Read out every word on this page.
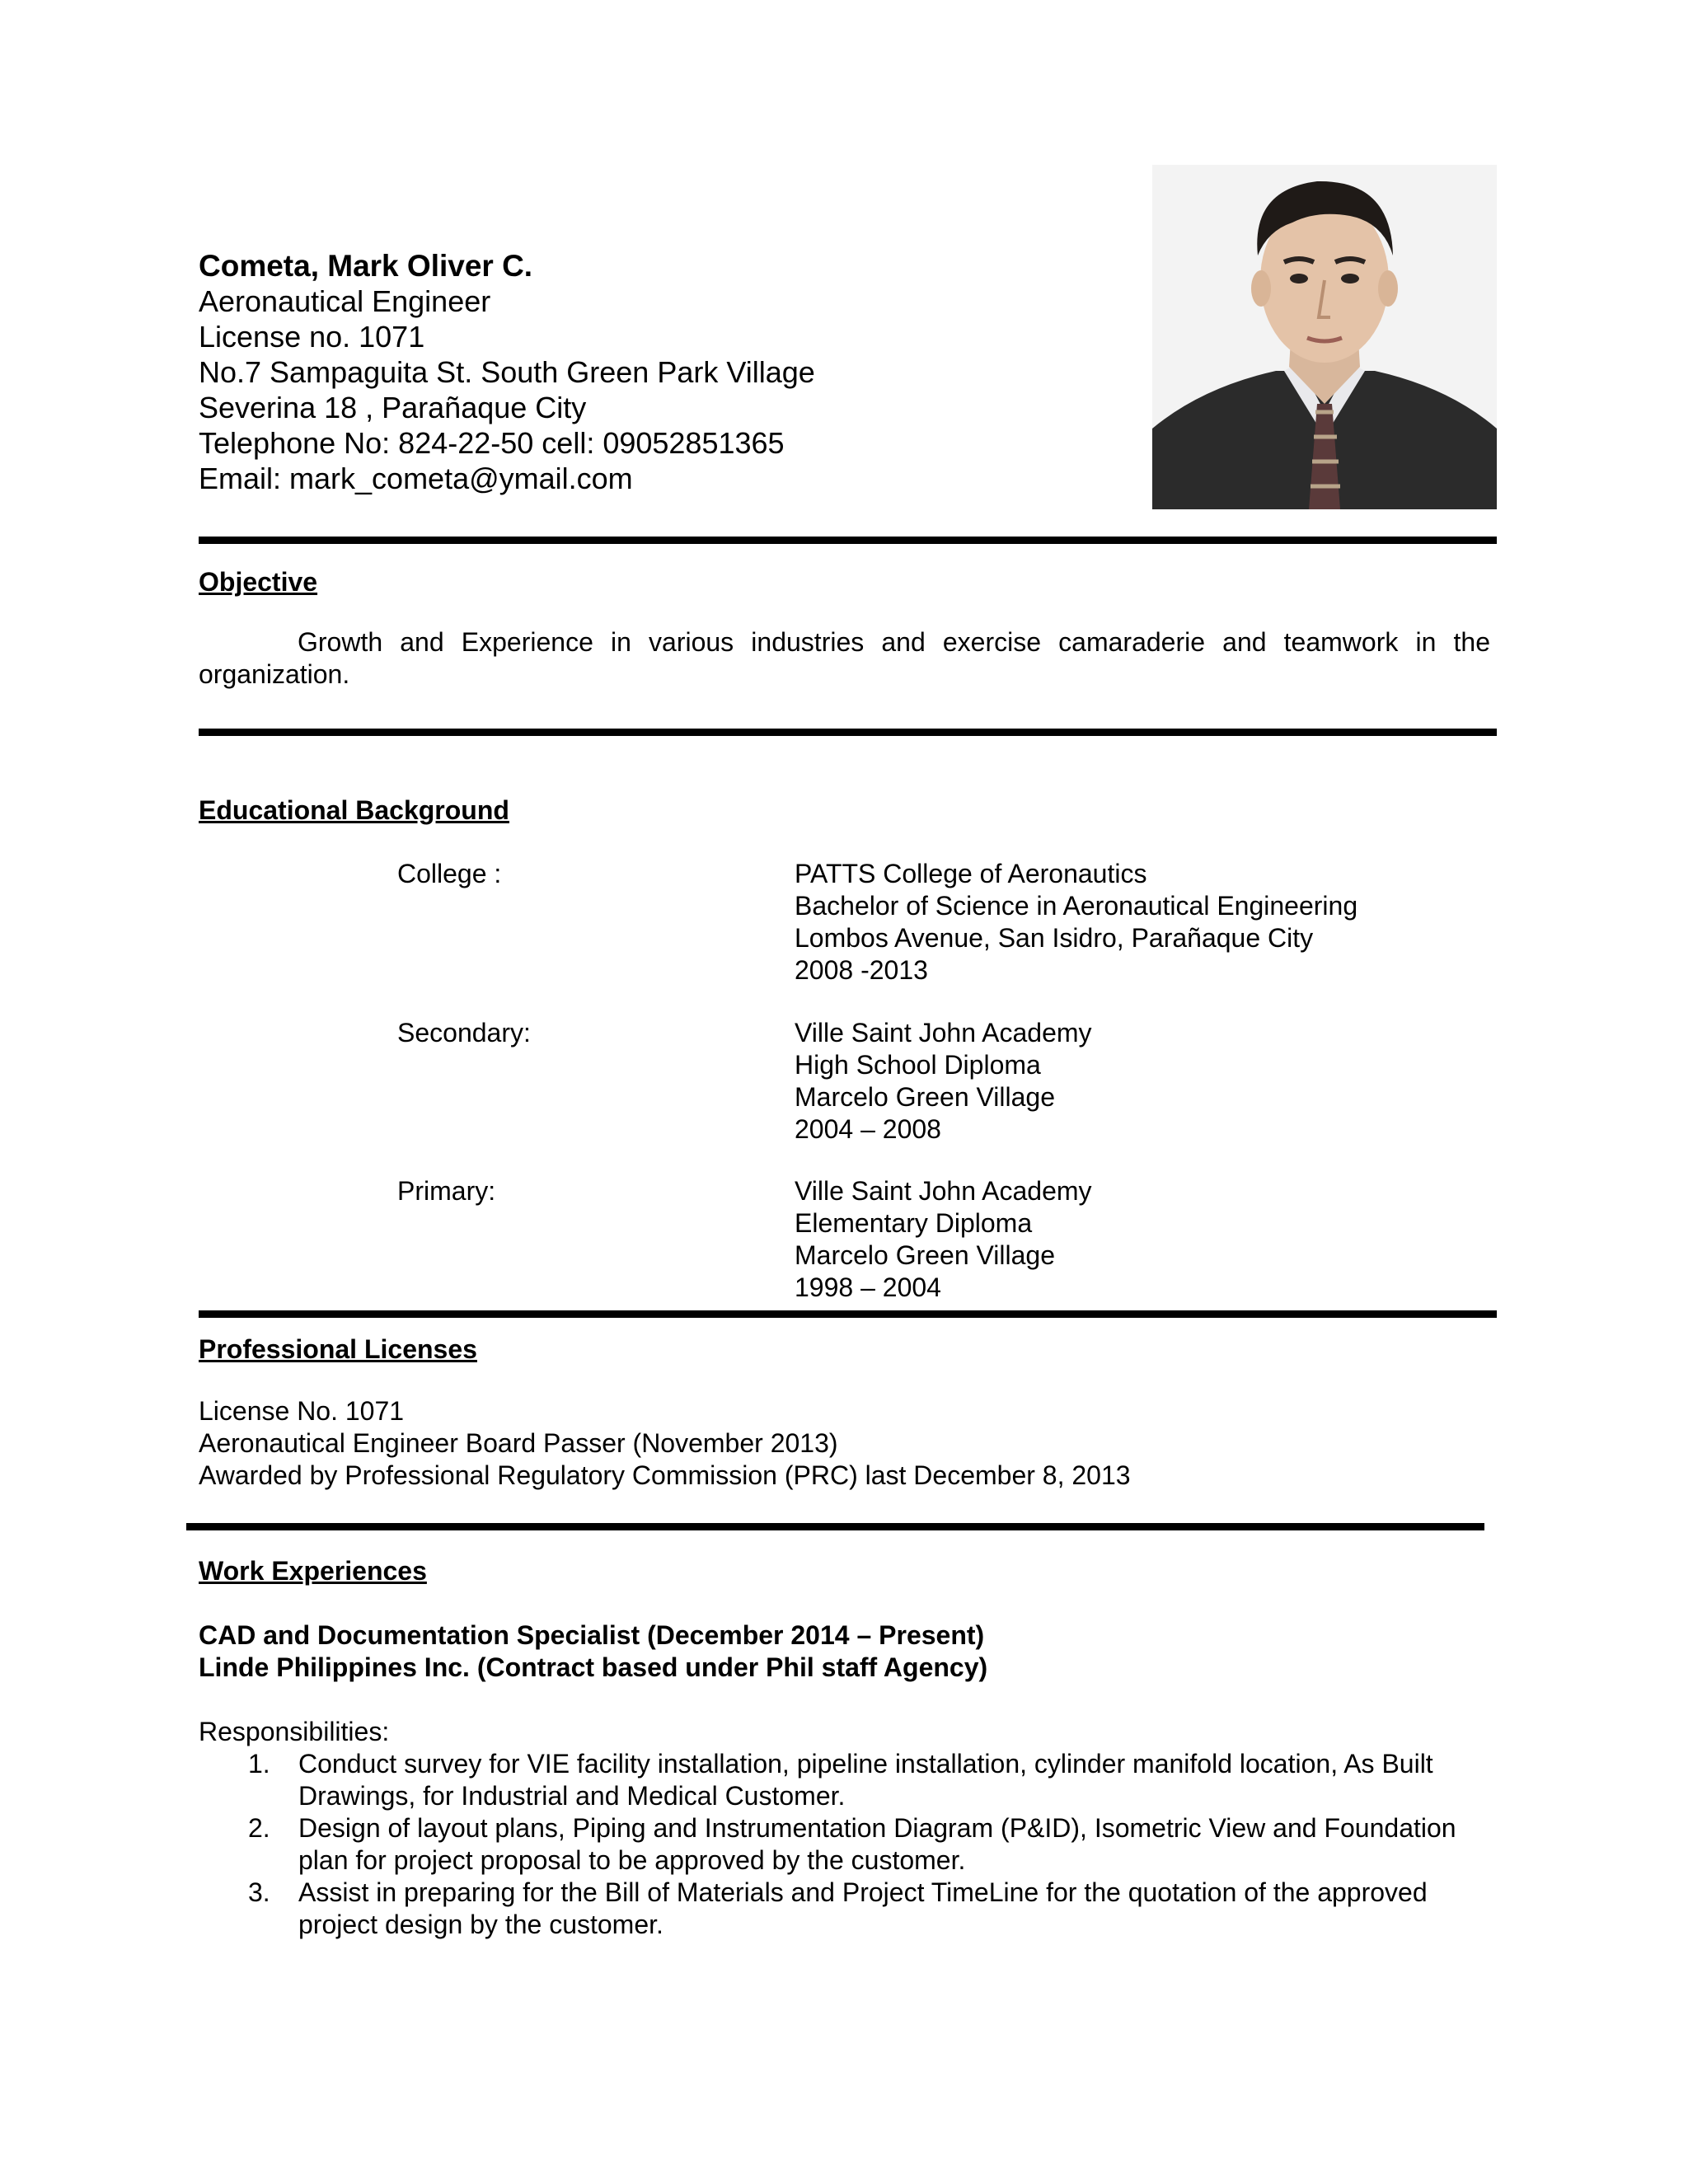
Cometa, Mark Oliver C.
Aeronautical Engineer
License no. 1071
No.7 Sampaguita St. South Green Park Village
Severina 18 , Parañaque City
Telephone No: 824-22-50 cell: 09052851365
Email: mark_cometa@ymail.com
Objective
Growth and Experience in various industries and exercise camaraderie and teamwork in the organization.
Educational Background
College :	PATTS College of Aeronautics
Bachelor of Science in Aeronautical Engineering
Lombos Avenue, San Isidro, Parañaque City
2008 -2013
Secondary:	Ville Saint John Academy
High School Diploma
Marcelo Green Village
2004 – 2008
Primary:	Ville Saint John Academy
Elementary Diploma
Marcelo Green Village
1998 – 2004
Professional Licenses
License No. 1071
Aeronautical Engineer Board Passer (November 2013)
Awarded by Professional Regulatory Commission (PRC) last December 8, 2013
Work Experiences
CAD and Documentation Specialist (December 2014 – Present)
Linde Philippines Inc. (Contract based under Phil staff Agency)
Responsibilities:
1. Conduct survey for VIE facility installation, pipeline installation, cylinder manifold location, As Built Drawings, for Industrial and Medical Customer.
2. Design of layout plans, Piping and Instrumentation Diagram (P&ID), Isometric View and Foundation plan for project proposal to be approved by the customer.
3. Assist in preparing for the Bill of Materials and Project TimeLine for the quotation of the approved project design by the customer.
